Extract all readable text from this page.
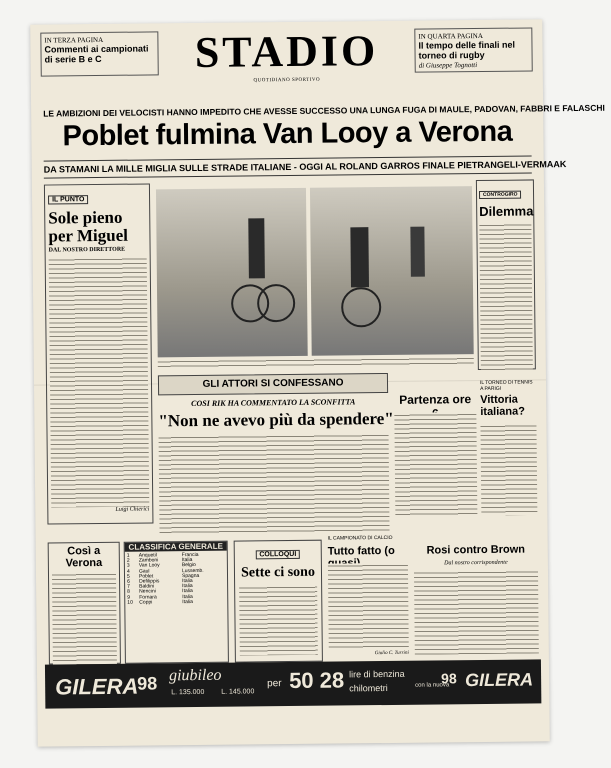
IN TERZA PAGINA
Commenti ai campionati di serie B e C
IN QUARTA PAGINA
Il tempo delle finali nel torneo di rugby
di Giuseppe Tognotti
STADIO
QUOTIDIANO SPORTIVO
LE AMBIZIONI DEI VELOCISTI HANNO IMPEDITO CHE AVESSE SUCCESSO UNA LUNGA FUGA DI MAULE, PADOVAN, FABBRI E FALASCHI
Poblet fulmina Van Looy a Verona
DA STAMANI LA MILLE MIGLIA SULLE STRADE ITALIANE - OGGI AL ROLAND GARROS FINALE PIETRANGELI-VERMAAK
IL PUNTO
Sole pieno per Miguel
DAL NOSTRO DIRETTORE
Luigi Chierici
CONTROGIRO
Dilemma
GLI ATTORI SI CONFESSANO
COSI RIK HA COMMENTATO LA SCONFITTA
"Non ne avevo più da spendere"
Partenza ore
IL TORNEO DI TENNIS A PARIGI
Vittoria italiana?
Così a Verona
CLASSIFICA GENERALE
1	Anquetil	Francia
2	Zamboni	Italia
3	Van Looy	Belgio
4	Gaul	Lussemb.
5	Poblet	Spagna
6	Defilippis	Italia
7	Baldini	Italia
8	Nencini	Italia
9	Fornara	Italia
10	Coppi	Italia
COLLOQUI
Sette ci sono
IL CAMPIONATO DI CALCIO
Tutto fatto (o
Giulio C. Turrini
Rosi contro Brown
Dal nostro corrispondente
GILERA
98 giubileo
L. 135.000 L. 145.000
per 50 28 lire di benzina
chilometri	con la nuova
98 GILERA
